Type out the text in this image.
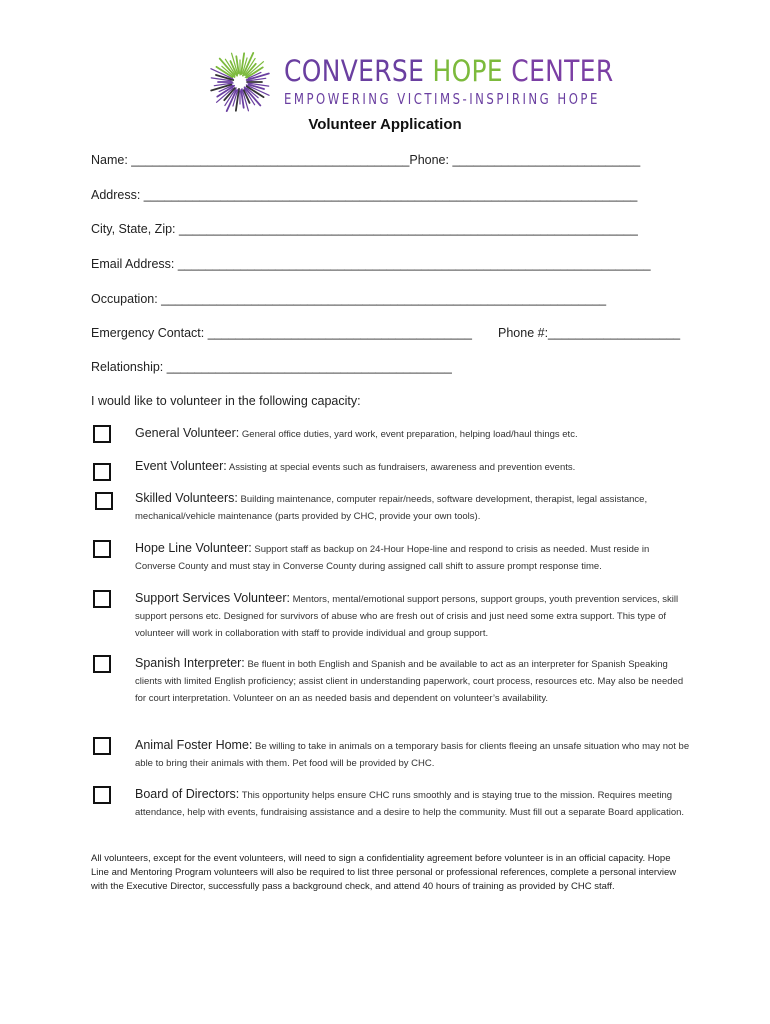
CONVERSE HOPE CENTER
EMPOWERING VICTIMS-INSPIRING HOPE
Volunteer Application
Name: ________________________________________Phone: ___________________________
Address: _______________________________________________________________________
City, State, Zip: __________________________________________________________________
Email Address: ____________________________________________________________________
Occupation: ________________________________________________________________
Emergency Contact: ______________________________________ Phone #:___________________
Relationship: _________________________________________
I would like to volunteer in the following capacity:
General Volunteer: General office duties, yard work, event preparation, helping load/haul things etc.
Event Volunteer: Assisting at special events such as fundraisers, awareness and prevention events.
Skilled Volunteers: Building maintenance, computer repair/needs, software development, therapist, legal assistance, mechanical/vehicle maintenance (parts provided by CHC, provide your own tools).
Hope Line Volunteer: Support staff as backup on 24-Hour Hope-line and respond to crisis as needed. Must reside in Converse County and must stay in Converse County during assigned call shift to assure prompt response time.
Support Services Volunteer: Mentors, mental/emotional support persons, support groups, youth prevention services, skill support persons etc. Designed for survivors of abuse who are fresh out of crisis and just need some extra support. This type of volunteer will work in collaboration with staff to provide individual and group support.
Spanish Interpreter: Be fluent in both English and Spanish and be available to act as an interpreter for Spanish Speaking clients with limited English proficiency; assist client in understanding paperwork, court process, resources etc. May also be needed for court interpretation. Volunteer on an as needed basis and dependent on volunteer’s availability.
Animal Foster Home: Be willing to take in animals on a temporary basis for clients fleeing an unsafe situation who may not be able to bring their animals with them. Pet food will be provided by CHC.
Board of Directors: This opportunity helps ensure CHC runs smoothly and is staying true to the mission. Requires meeting attendance, help with events, fundraising assistance and a desire to help the community. Must fill out a separate Board application.
All volunteers, except for the event volunteers, will need to sign a confidentiality agreement before volunteer is in an official capacity. Hope Line and Mentoring Program volunteers will also be required to list three personal or professional references, complete a personal interview with the Executive Director, successfully pass a background check, and attend 40 hours of training as provided by CHC staff.
